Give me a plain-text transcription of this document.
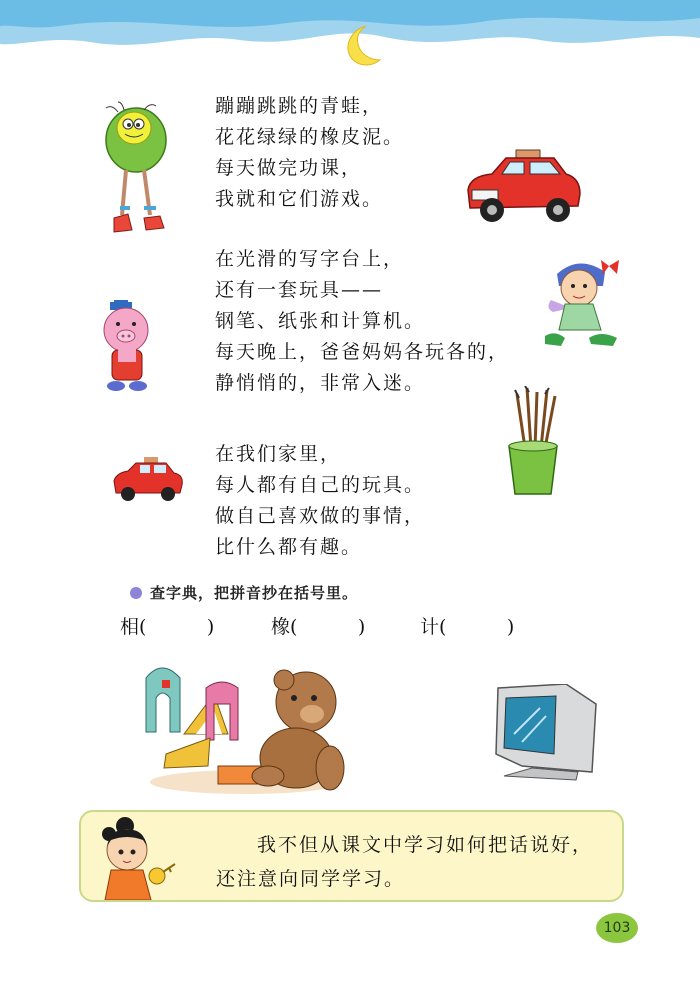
蹦蹦跳跳的青蛙，
花花绿绿的橡皮泥。
每天做完功课，
我就和它们游戏。
在光滑的写字台上，
还有一套玩具——
钢笔、纸张和计算机。
每天晚上，爸爸妈妈各玩各的，
静悄悄的，非常入迷。
在我们家里，
每人都有自己的玩具。
做自己喜欢做的事情，
比什么都有趣。
查字典，把拼音抄在括号里。
相(          )	橡(          )	计(          )
我不但从课文中学习如何把话说好，
还注意向同学学习。
103
